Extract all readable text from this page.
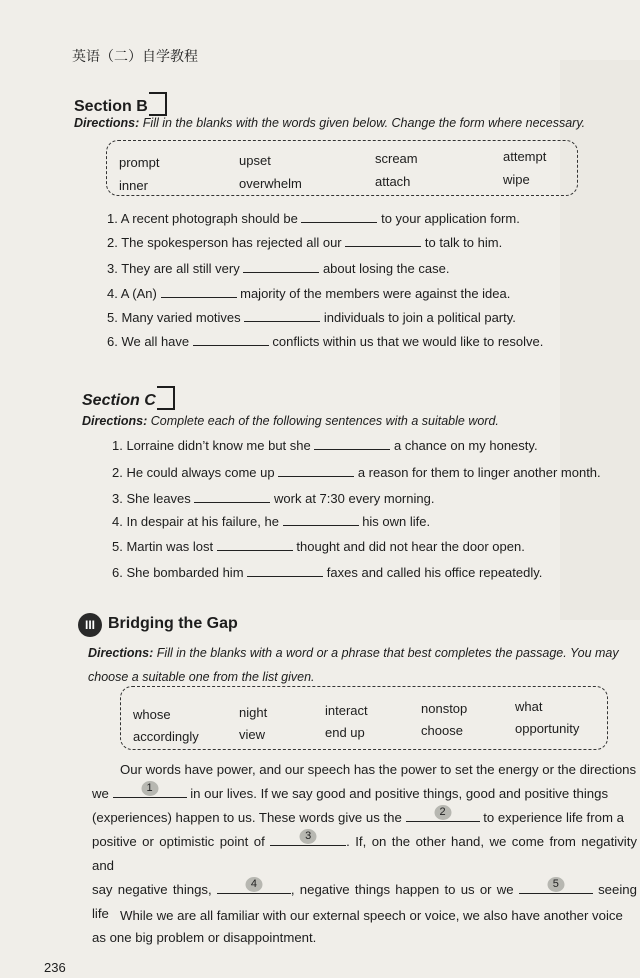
英语（二）自学教程
Section B
Directions: Fill in the blanks with the words given below. Change the form where necessary.
prompt	upset	scream	attempt
inner	overwhelm	attach	wipe
1. A recent photograph should be	to your application form.
2. The spokesperson has rejected all our	to talk to him.
3. They are all still very	about losing the case.
4. A (An)	majority of the members were against the idea.
5. Many varied motives	individuals to join a political party.
6. We all have	conflicts within us that we would like to resolve.
Section C
Directions: Complete each of the following sentences with a suitable word.
1. Lorraine didn’t know me but she	a chance on my honesty.
2. He could always come up	a reason for them to linger another month.
3. She leaves	work at 7:30 every morning.
4. In despair at his failure, he	his own life.
5. Martin was lost	thought and did not hear the door open.
6. She bombarded him	faxes and called his office repeatedly.
III Bridging the Gap
Directions: Fill in the blanks with a word or a phrase that best completes the passage. You may
choose a suitable one from the list given.
whose	night	interact	nonstop	what
accordingly	view	end up	choose	opportunity
Our words have power, and our speech has the power to set the energy or the directions
we	1	in our lives. If we say good and positive things, good and positive things
(experiences) happen to us. These words give us the	2	to experience life from a
positive or optimistic point of	3	. If, on the other hand, we come from negativity and
say negative things,	4	, negative things happen to us or we	5	seeing life
as one big problem or disappointment.
While we are all familiar with our external speech or voice, we also have another voice
236
